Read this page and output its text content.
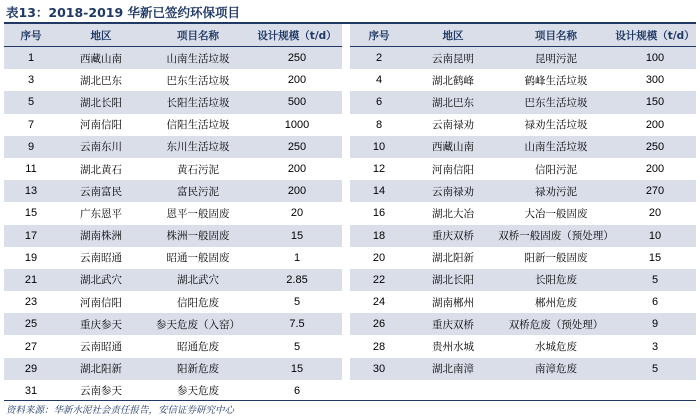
表13：2018-2019 华新已签约环保项目
序号	地区	项目名称	设计规模（t/d）
1	西藏山南	山南生活垃圾	250
3	湖北巴东	巴东生活垃圾	200
5	湖北长阳	长阳生活垃圾	500
7	河南信阳	信阳生活垃圾	1000
9	云南东川	东川生活垃圾	250
11	湖北黄石	黄石污泥	200
13	云南富民	富民污泥	200
15	广东恩平	恩平一般固废	20
17	湖南株洲	株洲一般固废	15
19	云南昭通	昭通一般固废	1
21	湖北武穴	湖北武穴	2.85
23	河南信阳	信阳危废	5
25	重庆参天	参天危废（入窑）	7.5
27	云南昭通	昭通危废	5
29	湖北阳新	阳新危废	15
31	云南参天	参天危废	6
序号	地区	项目名称	设计规模（t/d）
2	云南昆明	昆明污泥	100
4	湖北鹤峰	鹤峰生活垃圾	300
6	湖北巴东	巴东生活垃圾	150
8	云南禄劝	禄劝生活垃圾	200
10	西藏山南	山南生活垃圾	250
12	河南信阳	信阳污泥	200
14	云南禄劝	禄劝污泥	270
16	湖北大冶	大冶一般固废	20
18	重庆双桥	双桥一般固废（预处理）	10
20	湖北阳新	阳新一般固废	15
22	湖北长阳	长阳危废	5
24	湖南郴州	郴州危废	6
26	重庆双桥	双桥危废（预处理）	9
28	贵州水城	水城危废	3
30	湖北南漳	南漳危废	5
资料来源：华新水泥社会责任报告，安信证券研究中心
